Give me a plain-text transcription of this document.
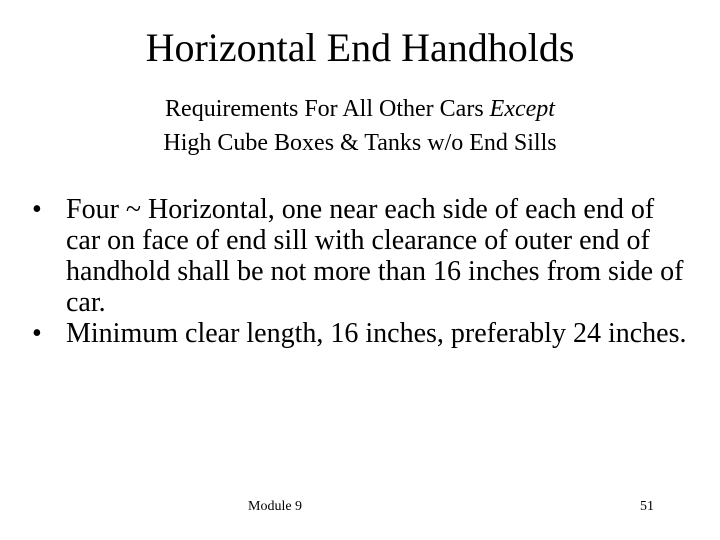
Horizontal End Handholds

Requirements For All Other Cars Except High Cube Boxes & Tanks w/o End Sills

• Four ~ Horizontal, one near each side of each end of car on face of end sill with clearance of outer end of handhold shall be not more than 16 inches from side of car.
• Minimum clear length, 16 inches, preferably 24 inches.
Module 9	51
